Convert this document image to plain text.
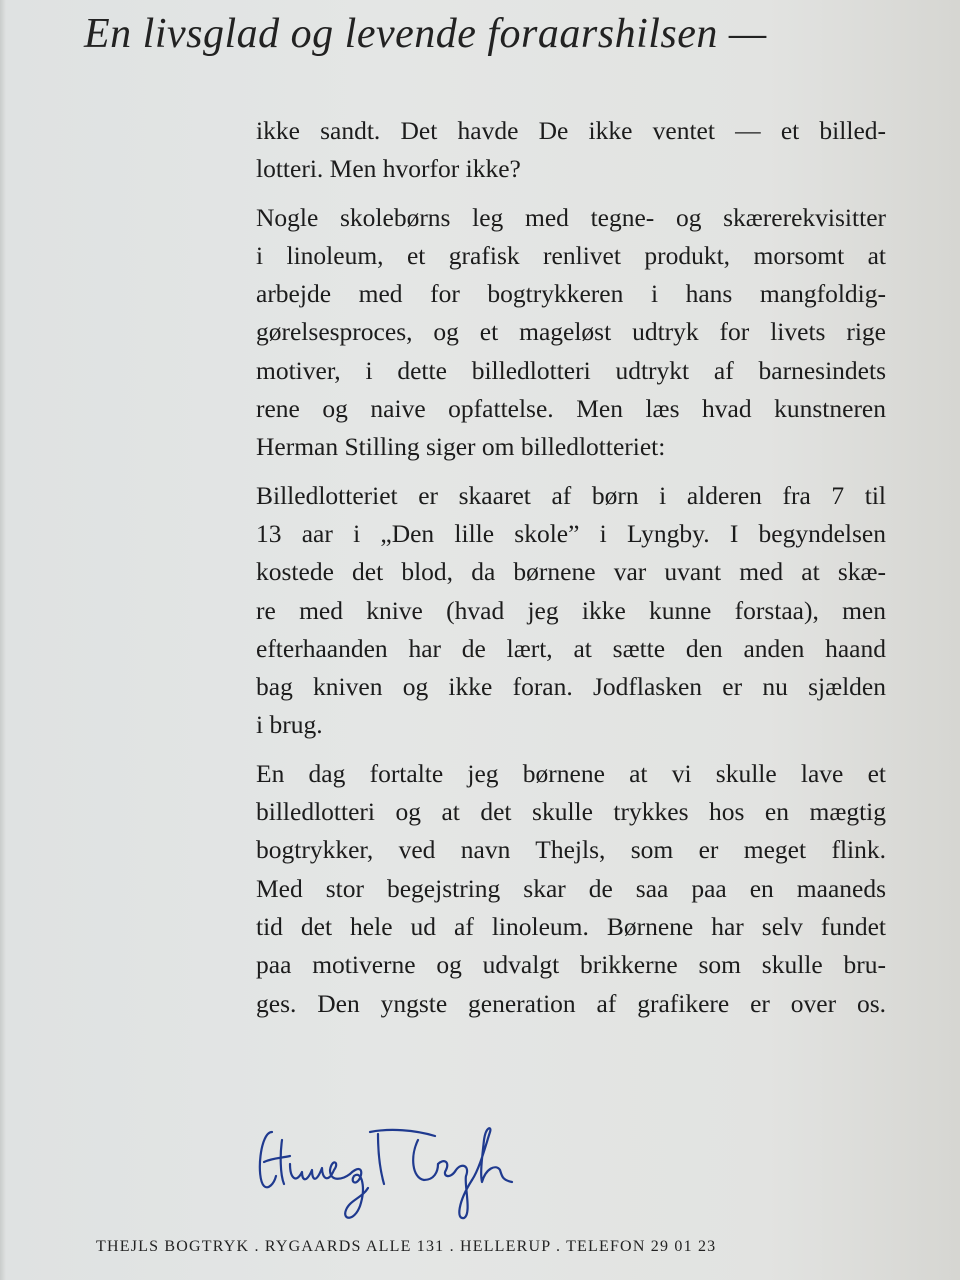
En livsglad og levende foraarshilsen —

ikke sandt. Det havde De ikke ventet — et billed-
lotteri. Men hvorfor ikke?

Nogle skolebørns leg med tegne- og skærerekvisitter
i linoleum, et grafisk renlivet produkt, morsomt at
arbejde med for bogtrykkeren i hans mangfoldig-
gørelsesproces, og et mageløst udtryk for livets rige
motiver, i dette billedlotteri udtrykt af barnesindets
rene og naive opfattelse. Men læs hvad kunstneren
Herman Stilling siger om billedlotteriet:

Billedlotteriet er skaaret af børn i alderen fra 7 til
13 aar i „Den lille skole” i Lyngby. I begyndelsen
kostede det blod, da børnene var uvant med at skæ-
re med knive (hvad jeg ikke kunne forstaa), men
efterhaanden har de lært, at sætte den anden haand
bag kniven og ikke foran. Jodflasken er nu sjælden
i brug.

En dag fortalte jeg børnene at vi skulle lave et
billedlotteri og at det skulle trykkes hos en mægtig
bogtrykker, ved navn Thejls, som er meget flink.
Med stor begejstring skar de saa paa en maaneds
tid det hele ud af linoleum. Børnene har selv fundet
paa motiverne og udvalgt brikkerne som skulle bru-
ges. Den yngste generation af grafikere er over os.

THEJLS BOGTRYK . RYGAARDS ALLE 131 . HELLERUP . TELEFON 29 01 23
